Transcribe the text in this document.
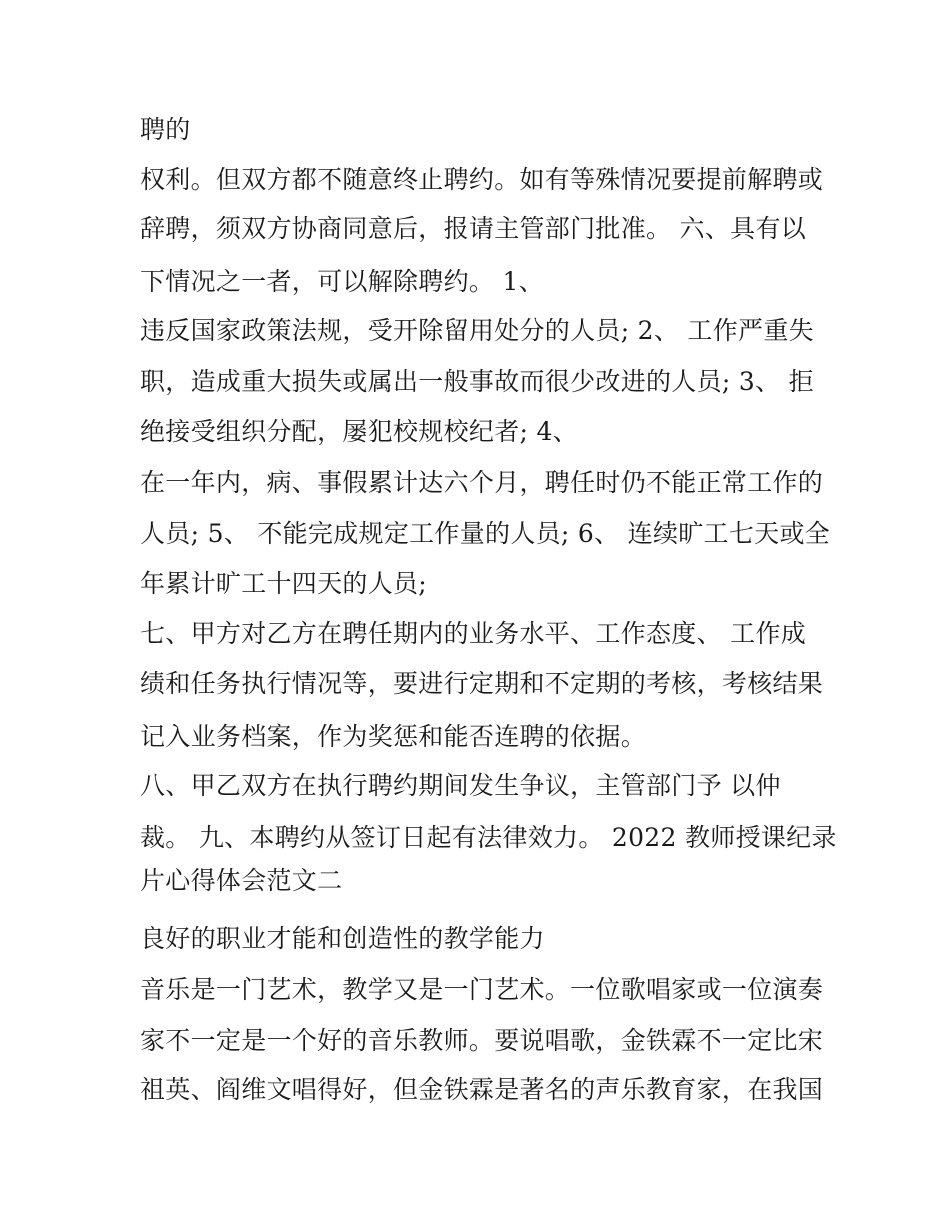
聘的

权利。但双方都不随意终止聘约。如有等殊情况要提前解聘或

辞聘，须双方协商同意后，报请主管部门批准。 六、具有以

下情况之一者，可以解除聘约。 1、

违反国家政策法规，受开除留用处分的人员; 2、 工作严重失

职，造成重大损失或属出一般事故而很少改进的人员; 3、 拒

绝接受组织分配，屡犯校规校纪者; 4、

在一年内，病、事假累计达六个月，聘任时仍不能正常工作的

人员; 5、 不能完成规定工作量的人员; 6、 连续旷工七天或全

年累计旷工十四天的人员;

七、甲方对乙方在聘任期内的业务水平、工作态度、 工作成

绩和任务执行情况等，要进行定期和不定期的考核，考核结果

记入业务档案，作为奖惩和能否连聘的依据。

八、甲乙双方在执行聘约期间发生争议，主管部门予 以仲

裁。 九、本聘约从签订日起有法律效力。 2022 教师授课纪录

片心得体会范文二

良好的职业才能和创造性的教学能力

音乐是一门艺术，教学又是一门艺术。一位歌唱家或一位演奏

家不一定是一个好的音乐教师。要说唱歌，金铁霖不一定比宋

祖英、阎维文唱得好，但金铁霖是著名的声乐教育家，在我国
